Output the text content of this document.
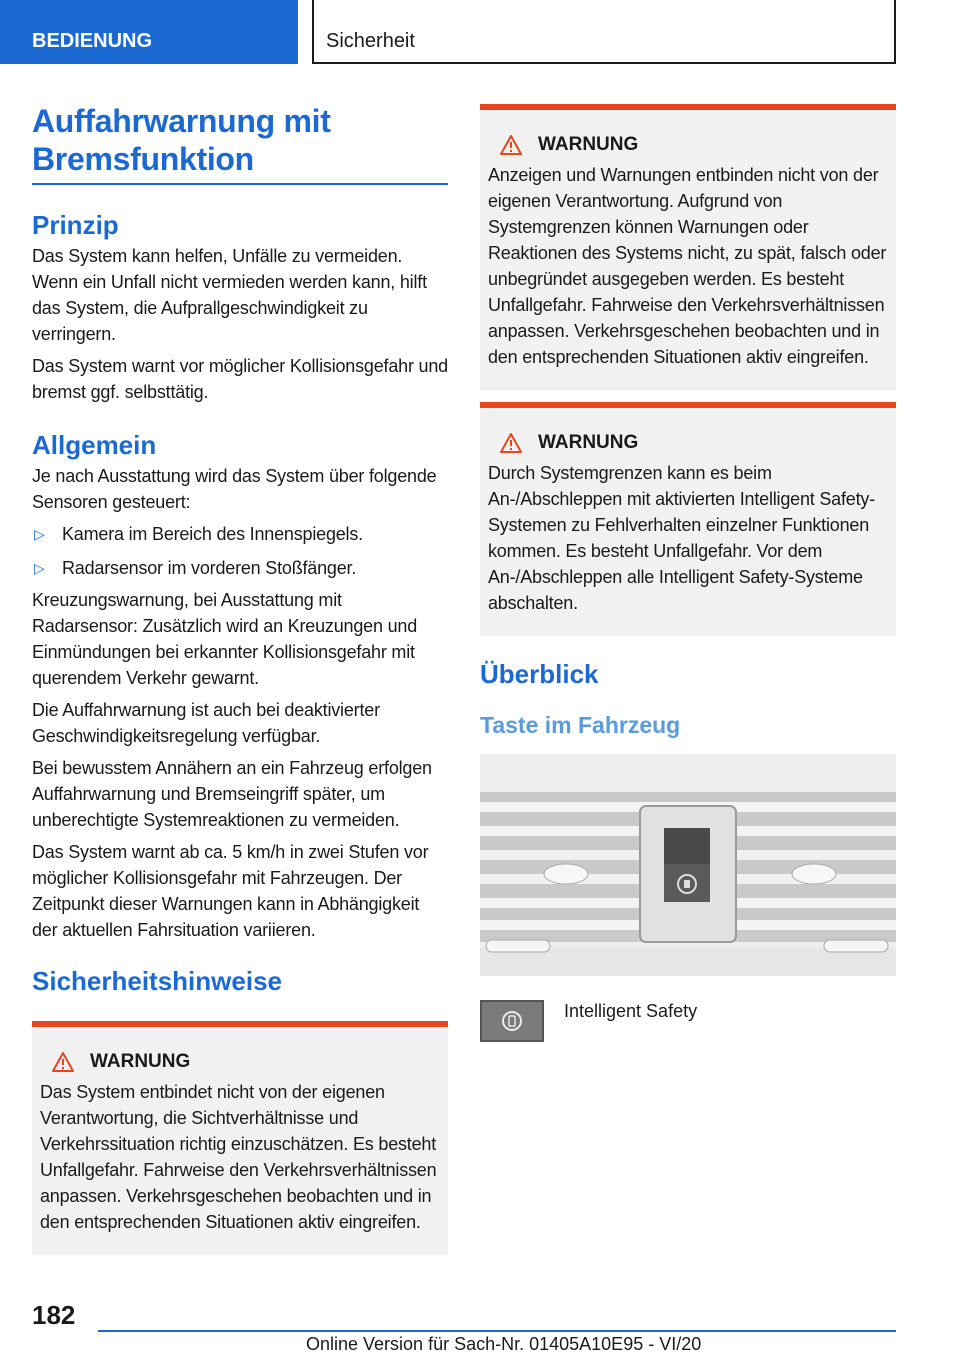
BEDIENUNG	Sicherheit
Auffahrwarnung mit
Bremsfunktion
Prinzip

Das System kann helfen, Unfälle zu vermeiden. Wenn ein Unfall nicht vermieden werden kann, hilft das System, die Aufprallgeschwindigkeit zu verringern.

Das System warnt vor möglicher Kollisionsgefahr und bremst ggf. selbsttätig.

Allgemein

Je nach Ausstattung wird das System über folgende Sensoren gesteuert:

▷ Kamera im Bereich des Innenspiegels.
▷ Radarsensor im vorderen Stoßfänger.

Kreuzungswarnung, bei Ausstattung mit Radarsensor: Zusätzlich wird an Kreuzungen und Einmündungen bei erkannter Kollisionsgefahr mit querendem Verkehr gewarnt.

Die Auffahrwarnung ist auch bei deaktivierter Geschwindigkeitsregelung verfügbar.

Bei bewusstem Annähern an ein Fahrzeug erfolgen Auffahrwarnung und Bremseingriff später, um unberechtigte Systemreaktionen zu vermeiden.

Das System warnt ab ca. 5 km/h in zwei Stufen vor möglicher Kollisionsgefahr mit Fahrzeugen. Der Zeitpunkt dieser Warnungen kann in Abhängigkeit der aktuellen Fahrsituation variieren.

Sicherheitshinweise
WARNUNG

Das System entbindet nicht von der eigenen Verantwortung, die Sichtverhältnisse und Verkehrssituation richtig einzuschätzen. Es besteht Unfallgefahr. Fahrweise den Verkehrsverhältnissen anpassen. Verkehrsgeschehen beobachten und in den entsprechenden Situationen aktiv eingreifen.

WARNUNG

Anzeigen und Warnungen entbinden nicht von der eigenen Verantwortung. Aufgrund von Systemgrenzen können Warnungen oder Reaktionen des Systems nicht, zu spät, falsch oder unbegründet ausgegeben werden. Es besteht Unfallgefahr. Fahrweise den Verkehrsverhältnissen anpassen. Verkehrsgeschehen beobachten und in den entsprechenden Situationen aktiv eingreifen.

WARNUNG

Durch Systemgrenzen kann es beim An-/Abschleppen mit aktivierten Intelligent Safety-Systemen zu Fehlverhalten einzelner Funktionen kommen. Es besteht Unfallgefahr. Vor dem An-/Abschleppen alle Intelligent Safety-Systeme abschalten.

Überblick
Taste im Fahrzeug
Intelligent Safety
182
Online Version für Sach-Nr. 01405A10E95 - VI/20
